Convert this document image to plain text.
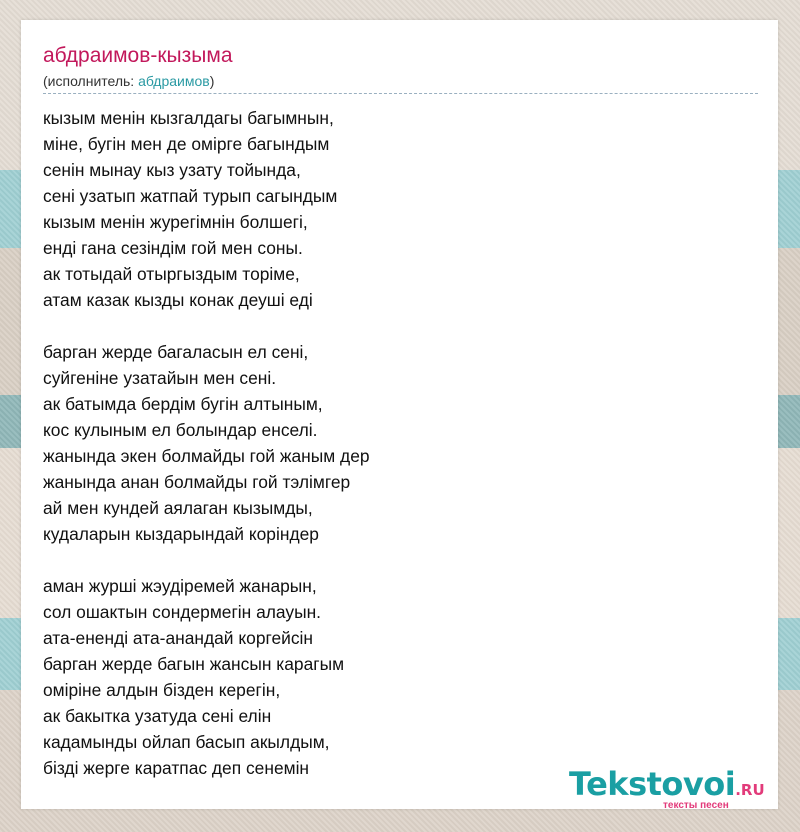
абдраимов-кызыма
(исполнитель: абдраимов)
кызым менін кызгалдагы багымнын,
міне, бугін мен де омірге багындым
сенін мынау кыз узату тойында,
сені узатып жатпай турып сагындым
кызым менін журегімнін болшегі,
енді гана сезіндім гой мен соны.
ак тотыдай отыргыздым торіме,
атам казак кызды конак деуші еді
барган жерде багаласын ел сені,
суйгеніне узатайын мен сені.
ак батымда бердім бугін алтыным,
кос кулыным ел болындар енселі.
жанында экен болмайды гой жаным дер
жанында анан болмайды гой тэлімгер
ай мен кундей аялаган кызымды,
кудаларын кыздарындай коріндер
аман журші жэудіремей жанарын,
сол ошактын сондермегін алауын.
ата-ененді ата-анандай коргейсін
барган жерде багын жансын карагым
оміріне алдын бізден керегін,
ак бакытка узатуда сені елін
кадамынды ойлап басып акылдым,
бізді жерге каратпас деп сенемін	Tekstovoi.RU
тексты песен
